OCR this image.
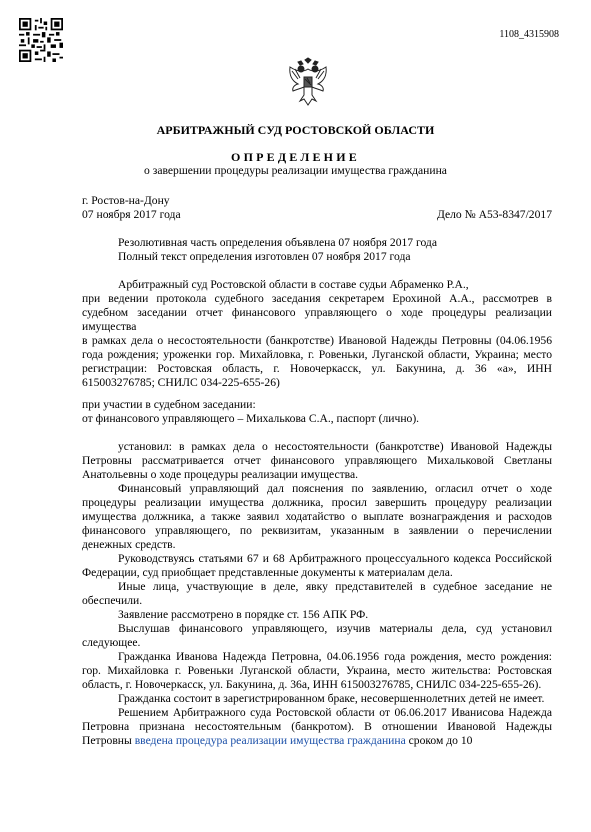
1108_4315908
АРБИТРАЖНЫЙ СУД РОСТОВСКОЙ ОБЛАСТИ
ОПРЕДЕЛЕНИЕ
о завершении процедуры реализации имущества гражданина
г. Ростов-на-Дону
07 ноября 2017 года	Дело № А53-8347/2017
Резолютивная часть определения объявлена 07 ноября 2017 года
Полный текст определения изготовлен 07 ноября 2017 года

Арбитражный суд Ростовской области в составе судьи Абраменко Р.А.,

при ведении протокола судебного заседания секретарем Ерохиной А.А., рассмотрев в судебном заседании отчет финансового управляющего о ходе процедуры реализации имущества

в рамках дела о несостоятельности (банкротстве) Ивановой Надежды Петровны (04.06.1956 года рождения; уроженки гор. Михайловка, г. Ровеньки, Луганской области, Украина; место регистрации: Ростовская область, г. Новочеркасск, ул. Бакунина, д. 36 «а», ИНН 615003276785; СНИЛС 034-225-655-26)

при участии в судебном заседании:

от финансового управляющего – Михалькова С.А., паспорт (лично).

установил: в рамках дела о несостоятельности (банкротстве) Ивановой Надежды Петровны рассматривается отчет финансового управляющего Михальковой Светланы Анатольевны о ходе процедуры реализации имущества.

Финансовый управляющий дал пояснения по заявлению, огласил отчет о ходе процедуры реализации имущества должника, просил завершить процедуру реализации имущества должника, а также заявил ходатайство о выплате вознаграждения и расходов финансового управляющего, по реквизитам, указанным в заявлении о перечислении денежных средств.

Руководствуясь статьями 67 и 68 Арбитражного процессуального кодекса Российской Федерации, суд приобщает представленные документы к материалам дела.

Иные лица, участвующие в деле, явку представителей в судебное заседание не обеспечили.

Заявление рассмотрено в порядке ст. 156 АПК РФ.

Выслушав финансового управляющего, изучив материалы дела, суд установил следующее.

Гражданка Иванова Надежда Петровна, 04.06.1956 года рождения, место рождения: гор. Михайловка г. Ровеньки Луганской области, Украина, место жительства: Ростовская область, г. Новочеркасск, ул. Бакунина, д. 36а, ИНН 615003276785, СНИЛС 034-225-655-26).

Гражданка состоит в зарегистрированном браке, несовершеннолетних детей не имеет.

Решением Арбитражного суда Ростовской области от 06.06.2017 Иванисова Надежда Петровна признана несостоятельным (банкротом). В отношении Ивановой Надежды Петровны введена процедура реализации имущества гражданина сроком до 10
